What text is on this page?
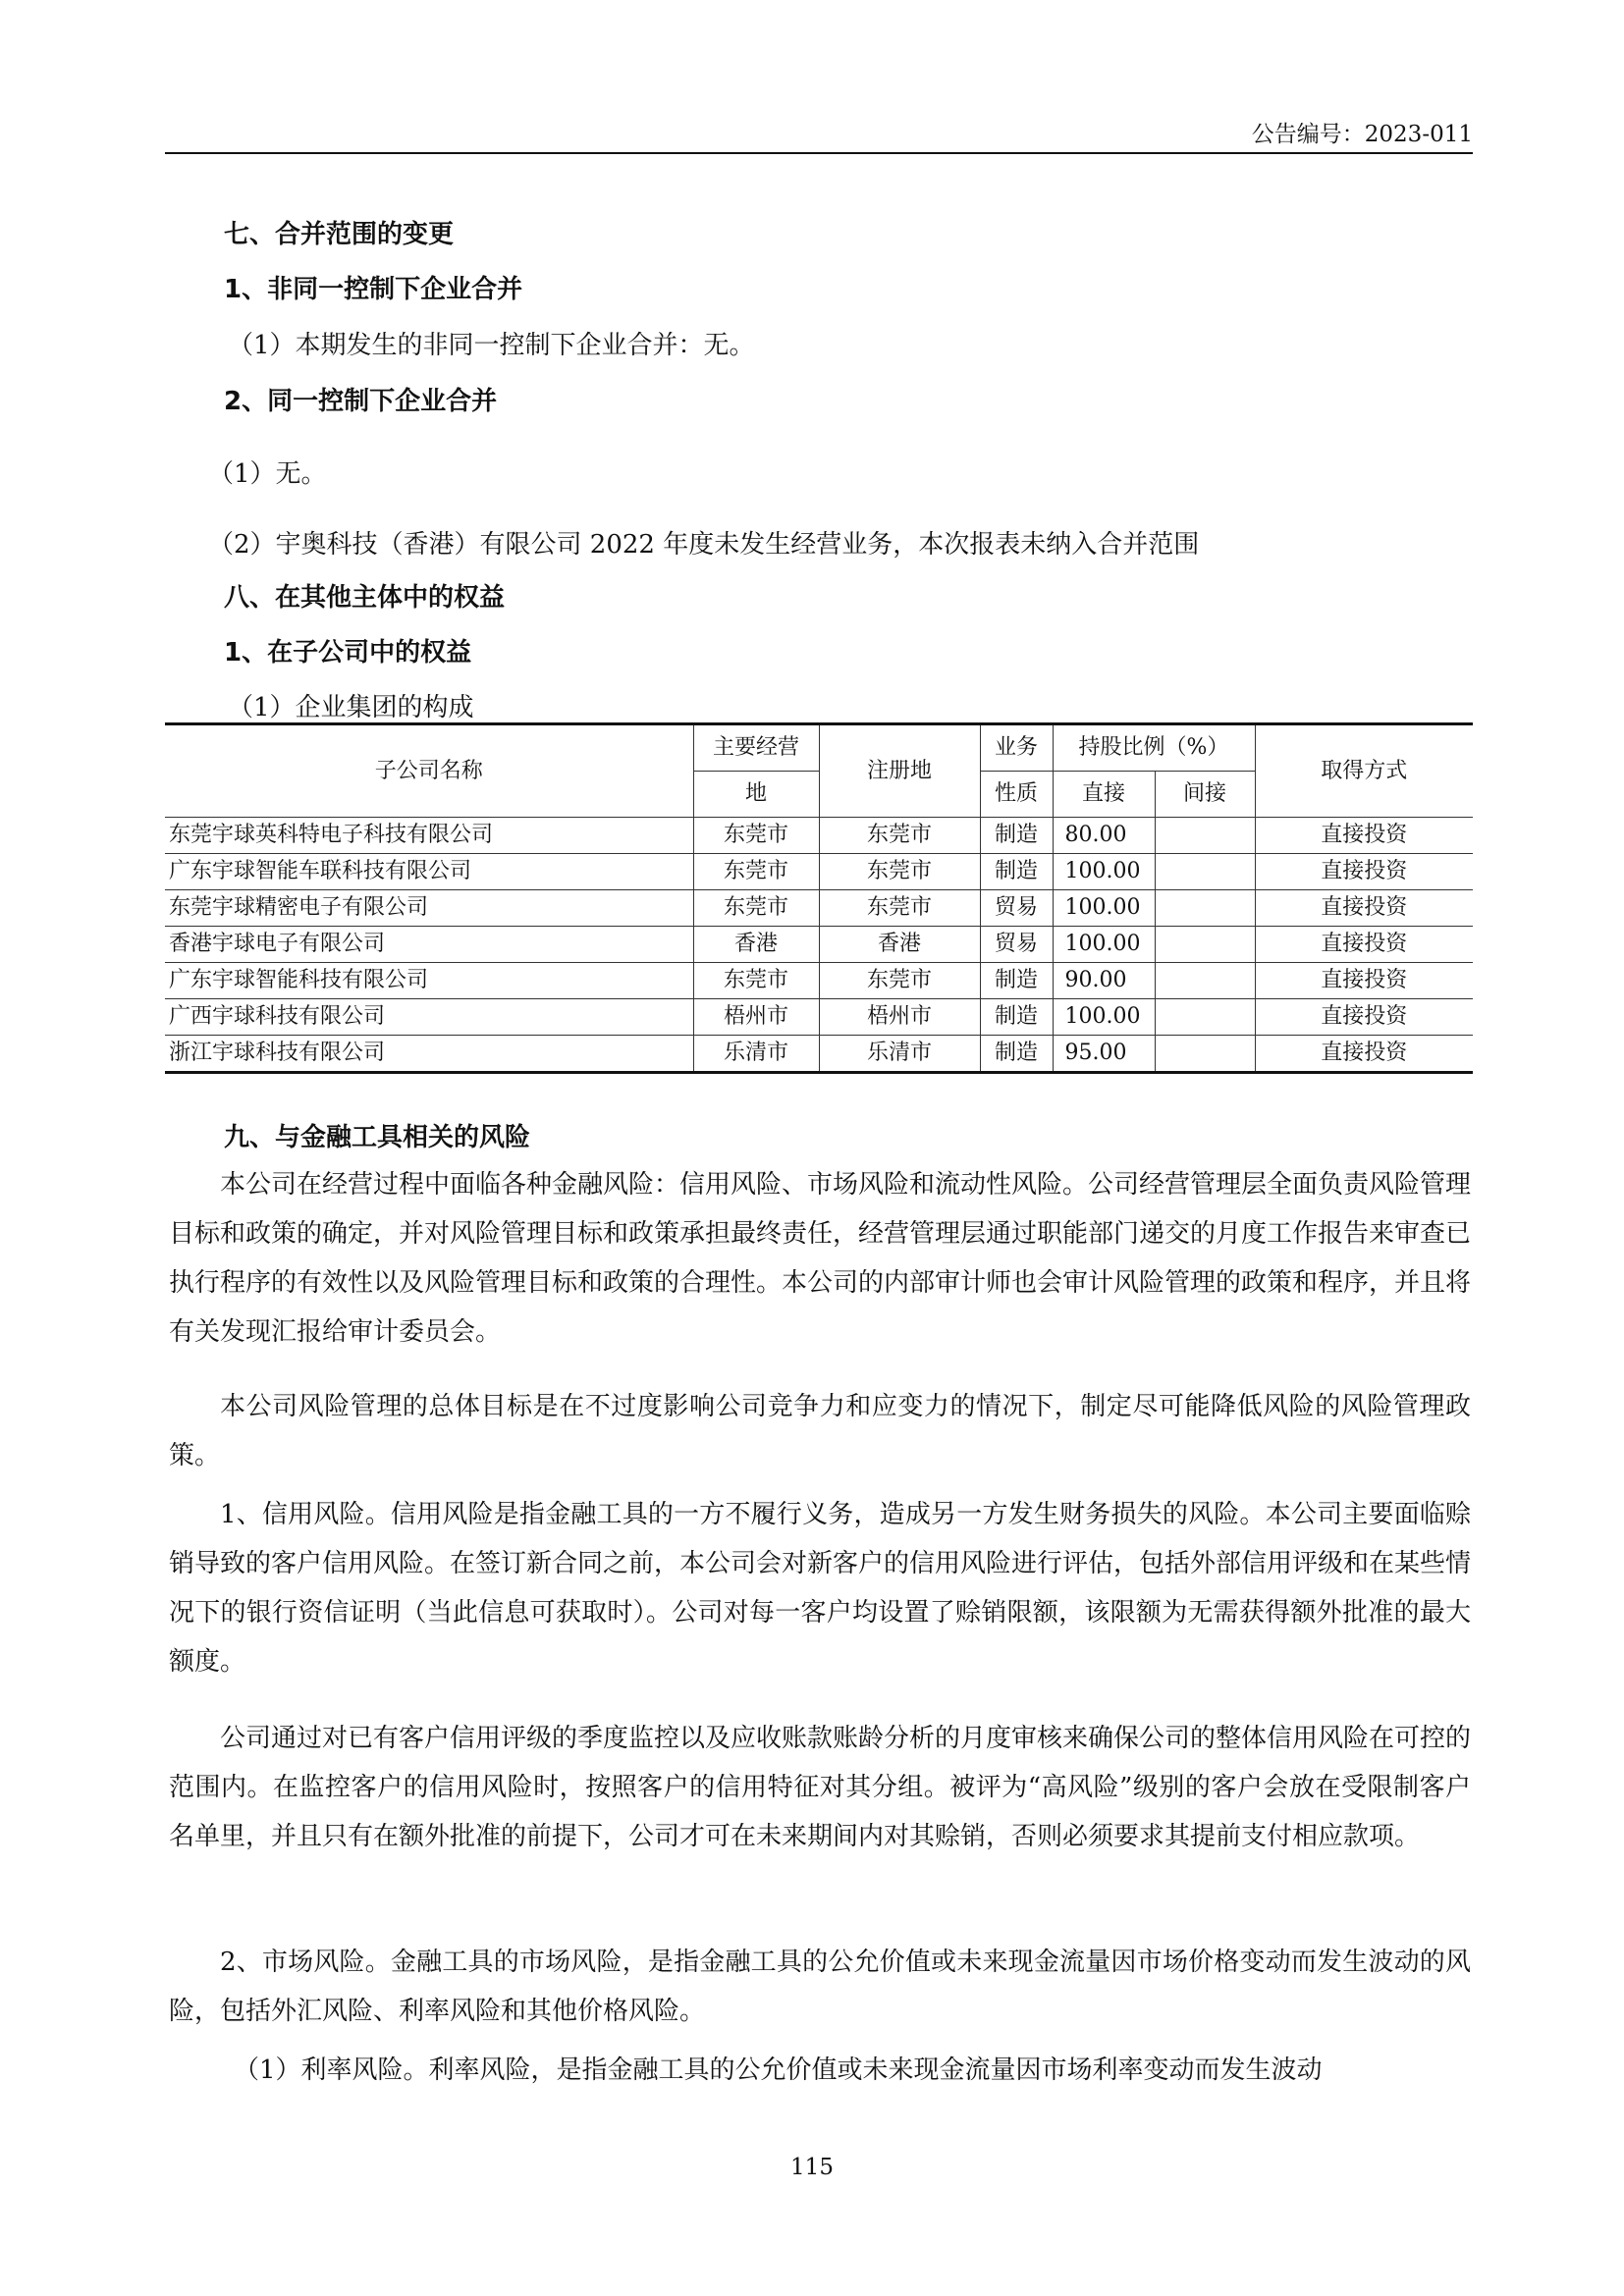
公告编号：2023-011
七、合并范围的变更
1、非同一控制下企业合并
（1）本期发生的非同一控制下企业合并：无。
2、同一控制下企业合并
（1）无。
（2）宇奥科技（香港）有限公司 2022 年度未发生经营业务，本次报表未纳入合并范围
八、在其他主体中的权益
1、在子公司中的权益
（1）企业集团的构成
子公司名称	主要经营	注册地	业务	持股比例（%）		取得方式
	地		性质	直接	间接	
东莞宇球英科特电子科技有限公司	东莞市	东莞市	制造	80.00		直接投资
广东宇球智能车联科技有限公司	东莞市	东莞市	制造	100.00		直接投资
东莞宇球精密电子有限公司	东莞市	东莞市	贸易	100.00		直接投资
香港宇球电子有限公司	香港	香港	贸易	100.00		直接投资
广东宇球智能科技有限公司	东莞市	东莞市	制造	90.00		直接投资
广西宇球科技有限公司	梧州市	梧州市	制造	100.00		直接投资
浙江宇球科技有限公司	乐清市	乐清市	制造	95.00		直接投资
九、与金融工具相关的风险
本公司在经营过程中面临各种金融风险：信用风险、市场风险和流动性风险。公司经营管理层全面负责风险管理目标和政策的确定，并对风险管理目标和政策承担最终责任，经营管理层通过职能部门递交的月度工作报告来审查已执行程序的有效性以及风险管理目标和政策的合理性。本公司的内部审计师也会审计风险管理的政策和程序，并且将有关发现汇报给审计委员会。
本公司风险管理的总体目标是在不过度影响公司竞争力和应变力的情况下，制定尽可能降低风险的风险管理政策。
1、信用风险。信用风险是指金融工具的一方不履行义务，造成另一方发生财务损失的风险。本公司主要面临赊销导致的客户信用风险。在签订新合同之前，本公司会对新客户的信用风险进行评估，包括外部信用评级和在某些情况下的银行资信证明（当此信息可获取时）。公司对每一客户均设置了赊销限额，该限额为无需获得额外批准的最大额度。
公司通过对已有客户信用评级的季度监控以及应收账款账龄分析的月度审核来确保公司的整体信用风险在可控的范围内。在监控客户的信用风险时，按照客户的信用特征对其分组。被评为“高风险”级别的客户会放在受限制客户名单里，并且只有在额外批准的前提下，公司才可在未来期间内对其赊销，否则必须要求其提前支付相应款项。
2、市场风险。金融工具的市场风险，是指金融工具的公允价值或未来现金流量因市场价格变动而发生波动的风险，包括外汇风险、利率风险和其他价格风险。
（1）利率风险。利率风险，是指金融工具的公允价值或未来现金流量因市场利率变动而发生波动
115
